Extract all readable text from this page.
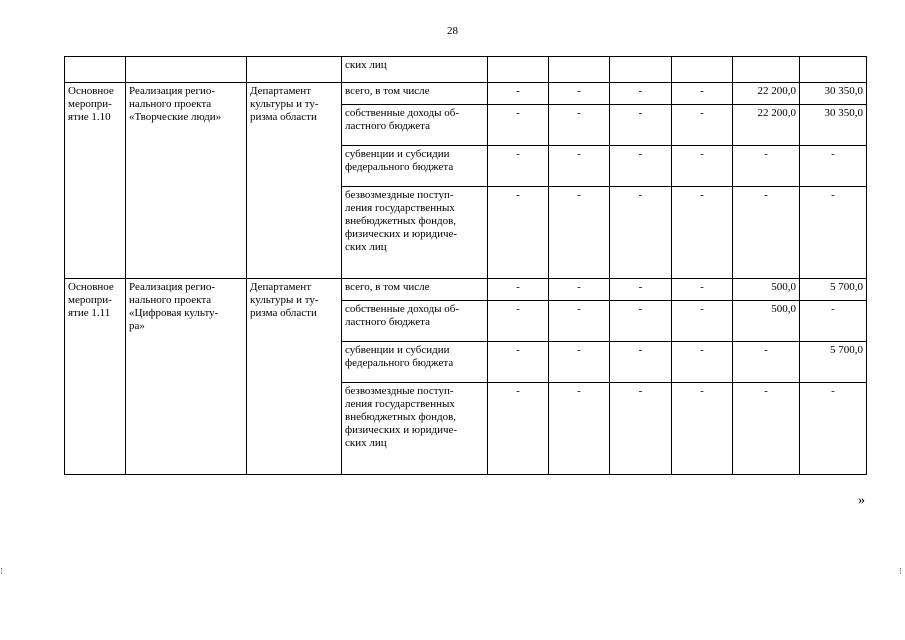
28
			ских лиц						
Основное
меропри-
ятие 1.10	Реализация регио-
нального проекта
«Творческие люди»	Департамент
культуры и ту-
ризма области	всего, в том числе	-	-	-	-	22 200,0	30 350,0
			собственные доходы об-
ластного бюджета	-	-	-	-	22 200,0	30 350,0
			субвенции и субсидии
федерального бюджета	-	-	-	-	-	-
			безвозмездные поступ-
ления государственных
внебюджетных фондов,
физических и юридиче-
ских лиц	-	-	-	-	-	-
Основное
меропри-
ятие 1.11	Реализация регио-
нального проекта
«Цифровая культу-
ра»	Департамент
культуры и ту-
ризма области	всего, в том числе	-	-	-	-	500,0	5 700,0
			собственные доходы об-
ластного бюджета	-	-	-	-	500,0	-
			субвенции и субсидии
федерального бюджета	-	-	-	-	-	5 700,0
			безвозмездные поступ-
ления государственных
внебюджетных фондов,
физических и юридиче-
ских лиц	-	-	-	-	-	-
»
⁝	⁝
